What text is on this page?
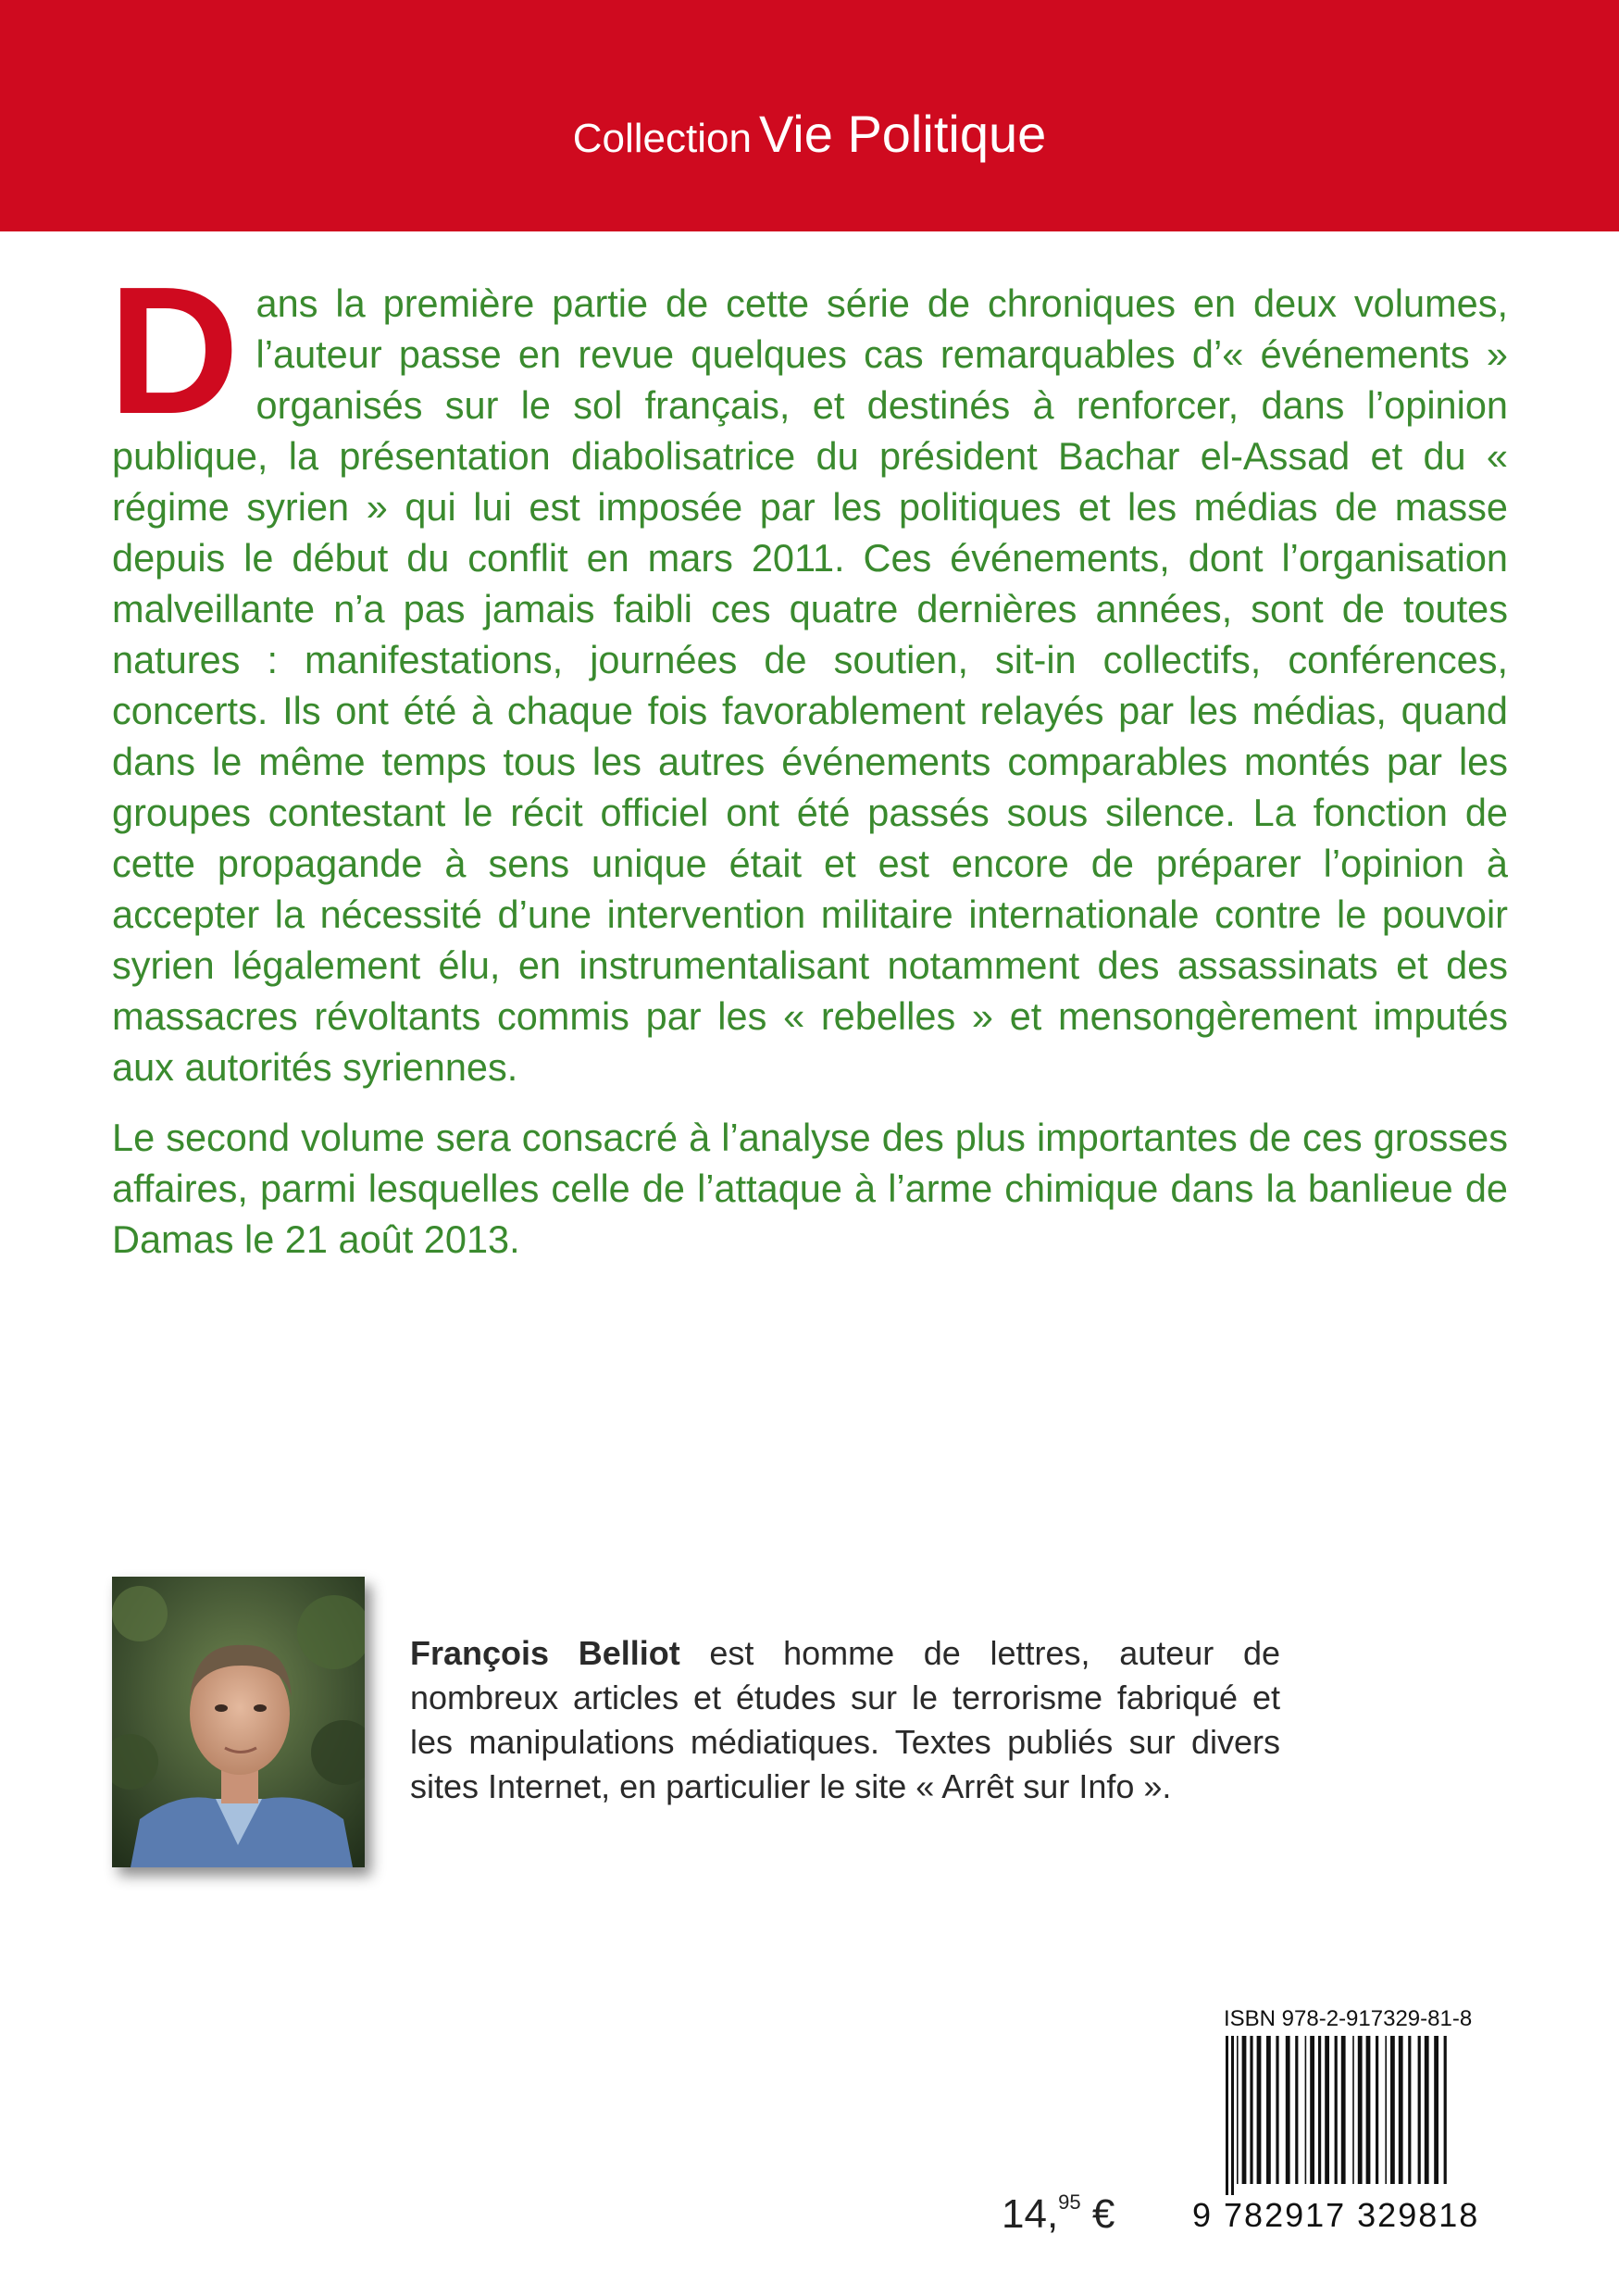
Collection Vie Politique

Dans la première partie de cette série de chroniques en deux volumes, l’auteur passe en revue quelques cas remarquables d’« événements » organisés sur le sol français, et destinés à renforcer, dans l’opinion publique, la présentation diabolisatrice du président Bachar el-Assad et du « régime syrien » qui lui est imposée par les politiques et les médias de masse depuis le début du conflit en mars 2011. Ces événements, dont l’organisation malveillante n’a pas jamais faibli ces quatre dernières années, sont de toutes natures : manifestations, journées de soutien, sit-in collectifs, conférences, concerts. Ils ont été à chaque fois favorablement relayés par les médias, quand dans le même temps tous les autres événements comparables montés par les groupes contestant le récit officiel ont été passés sous silence. La fonction de cette propagande à sens unique était et est encore de préparer l’opinion à accepter la nécessité d’une intervention militaire internationale contre le pouvoir syrien légalement élu, en instrumentalisant notamment des assassinats et des massacres révoltants commis par les « rebelles » et mensongèrement imputés aux autorités syriennes.

Le second volume sera consacré à l’analyse des plus importantes de ces grosses affaires, parmi lesquelles celle de l’attaque à l’arme chimique dans la banlieue de Damas le 21 août 2013.

François Belliot est homme de lettres, auteur de nombreux articles et études sur le terrorisme fabriqué et les manipulations médiatiques. Textes publiés sur divers sites Internet, en particulier le site « Arrêt sur Info ».
ISBN 978-2-917329-81-8
9 782917 329818
14,95 €
